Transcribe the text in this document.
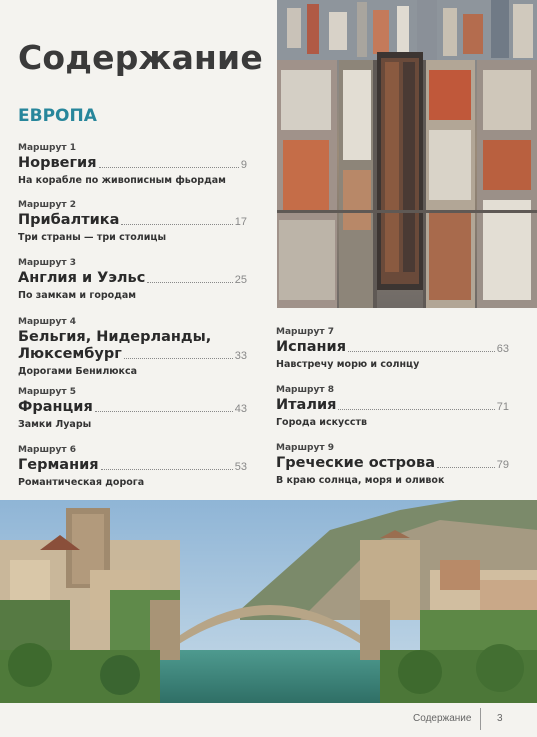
Содержание
ЕВРОПА
Маршрут 1
Норвегия	9
На корабле по живописным фьордам
Маршрут 2
Прибалтика	17
Три страны — три столицы
Маршрут 3
Англия и Уэльс	25
По замкам и городам
Маршрут 4
Бельгия, Нидерланды,
Люксембург	33
Дорогами Бенилюкса
Маршрут 5
Франция	43
Замки Луары
Маршрут 6
Германия	53
Романтическая дорога
Маршрут 7
Испания	63
Навстречу морю и солнцу
Маршрут 8
Италия	71
Города искусств
Маршрут 9
Греческие острова	79
В краю солнца, моря и оливок
Содержание	3
